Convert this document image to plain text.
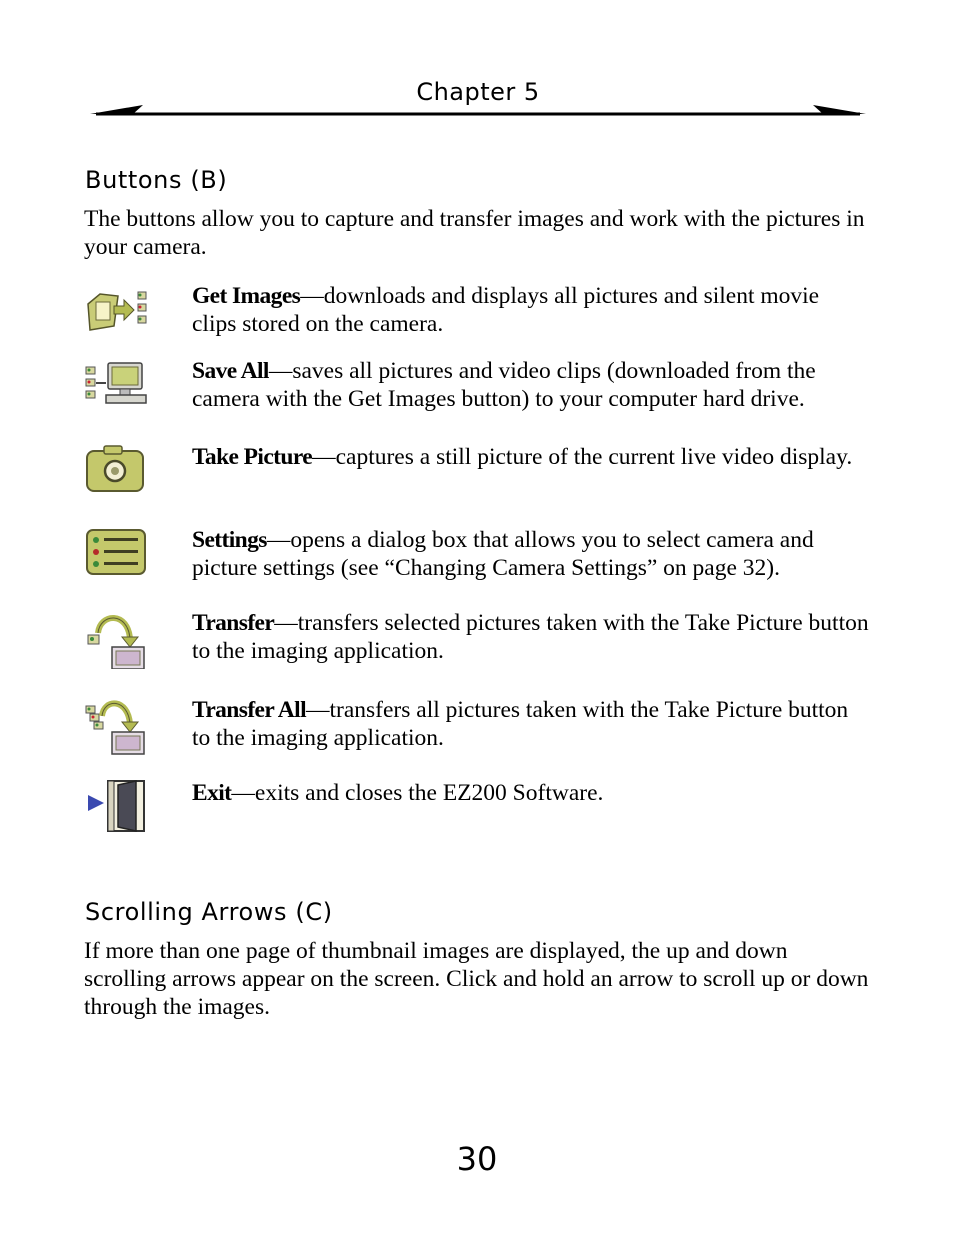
Chapter 5
Buttons (B)
The buttons allow you to capture and transfer images and work with the pictures in your camera.
Get Images—downloads and displays all pictures and silent movie clips stored on the camera.
Save All—saves all pictures and video clips (downloaded from the camera with the Get Images button) to your computer hard drive.
Take Picture—captures a still picture of the current live video display.
Settings—opens a dialog box that allows you to select camera and picture settings (see “Changing Camera Settings” on page 32).
Transfer—transfers selected pictures taken with the Take Picture button to the imaging application.
Transfer All—transfers all pictures taken with the Take Picture button to the imaging application.
Exit—exits and closes the EZ200 Software.
Scrolling Arrows (C)
If more than one page of thumbnail images are displayed, the up and down scrolling arrows appear on the screen. Click and hold an arrow to scroll up or down through the images.
30
